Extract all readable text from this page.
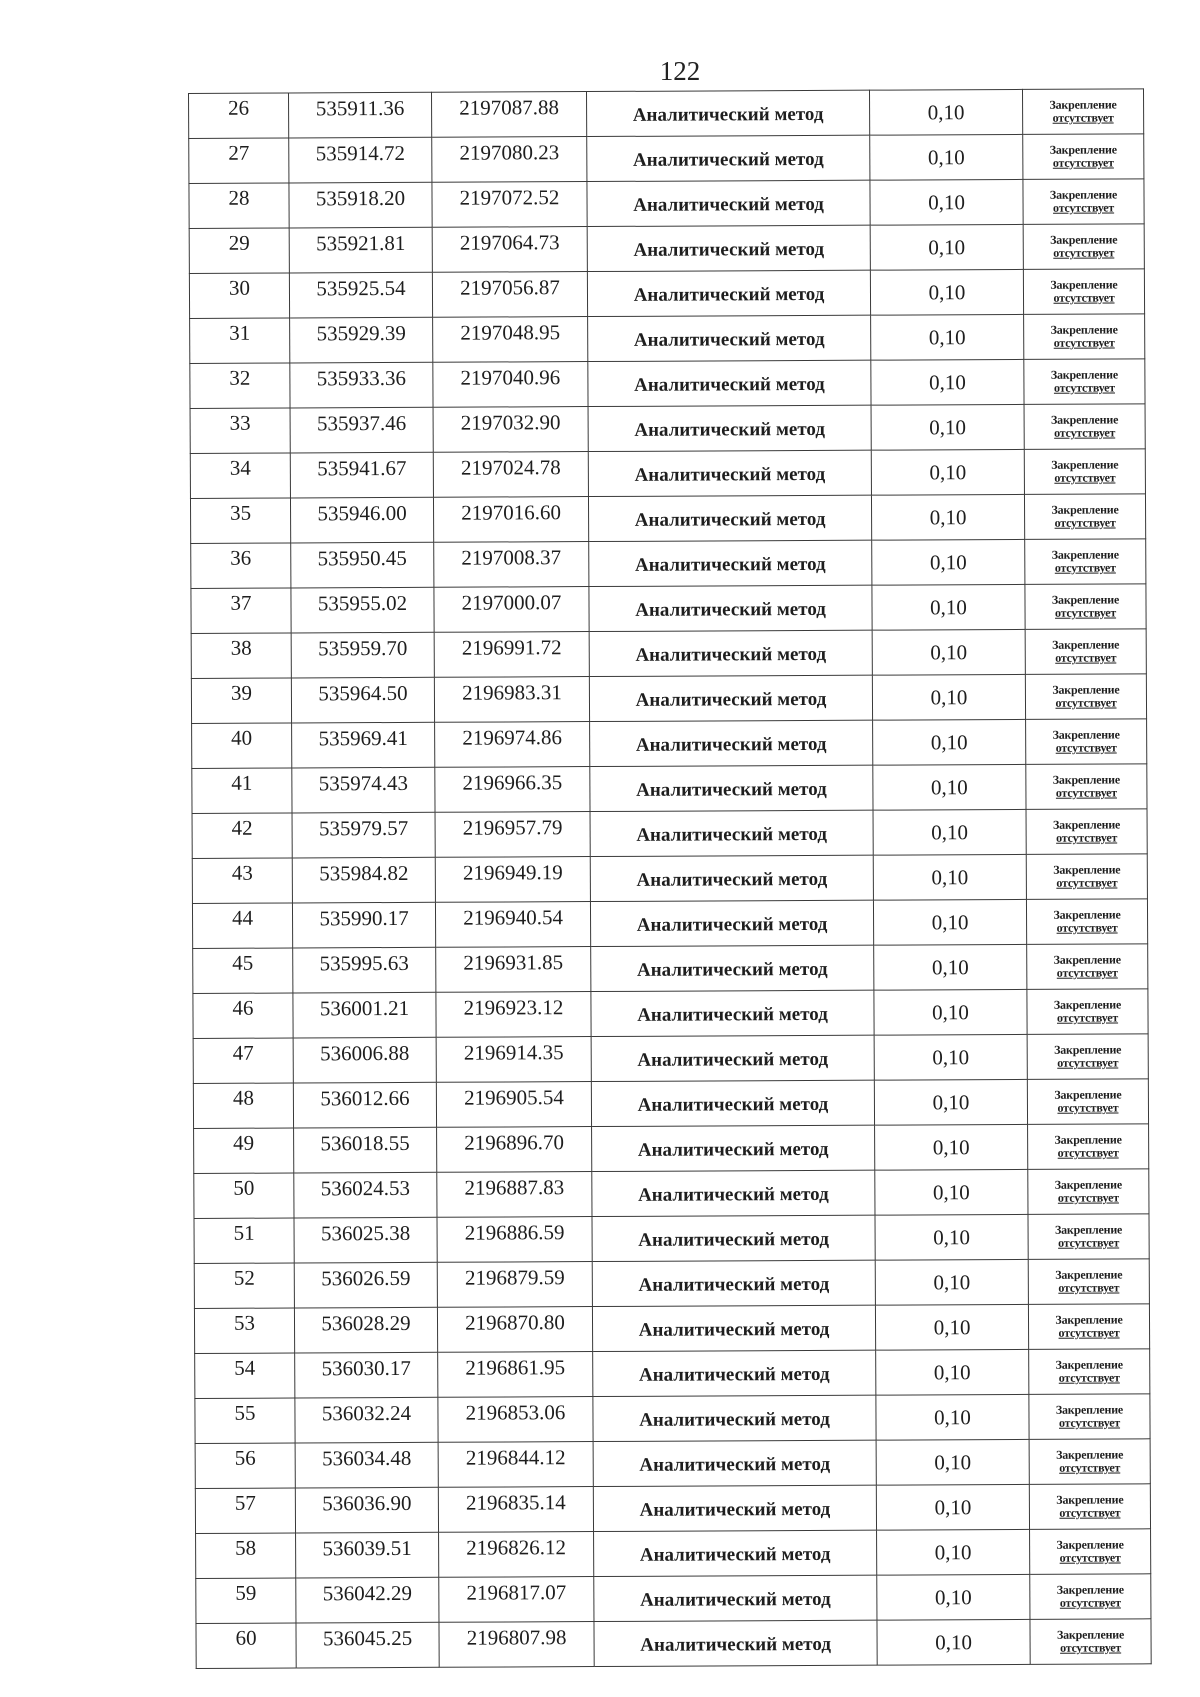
122
26	535911.36	2197087.88	Аналитический метод	0,10	Закрепление
отсутствует

27	535914.72	2197080.23	Аналитический метод	0,10	Закрепление
отсутствует

28	535918.20	2197072.52	Аналитический метод	0,10	Закрепление
отсутствует

29	535921.81	2197064.73	Аналитический метод	0,10	Закрепление
отсутствует

30	535925.54	2197056.87	Аналитический метод	0,10	Закрепление
отсутствует

31	535929.39	2197048.95	Аналитический метод	0,10	Закрепление
отсутствует

32	535933.36	2197040.96	Аналитический метод	0,10	Закрепление
отсутствует

33	535937.46	2197032.90	Аналитический метод	0,10	Закрепление
отсутствует

34	535941.67	2197024.78	Аналитический метод	0,10	Закрепление
отсутствует

35	535946.00	2197016.60	Аналитический метод	0,10	Закрепление
отсутствует

36	535950.45	2197008.37	Аналитический метод	0,10	Закрепление
отсутствует

37	535955.02	2197000.07	Аналитический метод	0,10	Закрепление
отсутствует

38	535959.70	2196991.72	Аналитический метод	0,10	Закрепление
отсутствует

39	535964.50	2196983.31	Аналитический метод	0,10	Закрепление
отсутствует

40	535969.41	2196974.86	Аналитический метод	0,10	Закрепление
отсутствует

41	535974.43	2196966.35	Аналитический метод	0,10	Закрепление
отсутствует

42	535979.57	2196957.79	Аналитический метод	0,10	Закрепление
отсутствует

43	535984.82	2196949.19	Аналитический метод	0,10	Закрепление
отсутствует

44	535990.17	2196940.54	Аналитический метод	0,10	Закрепление
отсутствует

45	535995.63	2196931.85	Аналитический метод	0,10	Закрепление
отсутствует

46	536001.21	2196923.12	Аналитический метод	0,10	Закрепление
отсутствует

47	536006.88	2196914.35	Аналитический метод	0,10	Закрепление
отсутствует

48	536012.66	2196905.54	Аналитический метод	0,10	Закрепление
отсутствует

49	536018.55	2196896.70	Аналитический метод	0,10	Закрепление
отсутствует

50	536024.53	2196887.83	Аналитический метод	0,10	Закрепление
отсутствует

51	536025.38	2196886.59	Аналитический метод	0,10	Закрепление
отсутствует

52	536026.59	2196879.59	Аналитический метод	0,10	Закрепление
отсутствует

53	536028.29	2196870.80	Аналитический метод	0,10	Закрепление
отсутствует

54	536030.17	2196861.95	Аналитический метод	0,10	Закрепление
отсутствует

55	536032.24	2196853.06	Аналитический метод	0,10	Закрепление
отсутствует

56	536034.48	2196844.12	Аналитический метод	0,10	Закрепление
отсутствует

57	536036.90	2196835.14	Аналитический метод	0,10	Закрепление
отсутствует

58	536039.51	2196826.12	Аналитический метод	0,10	Закрепление
отсутствует

59	536042.29	2196817.07	Аналитический метод	0,10	Закрепление
отсутствует

60	536045.25	2196807.98	Аналитический метод	0,10	Закрепление
отсутствует
